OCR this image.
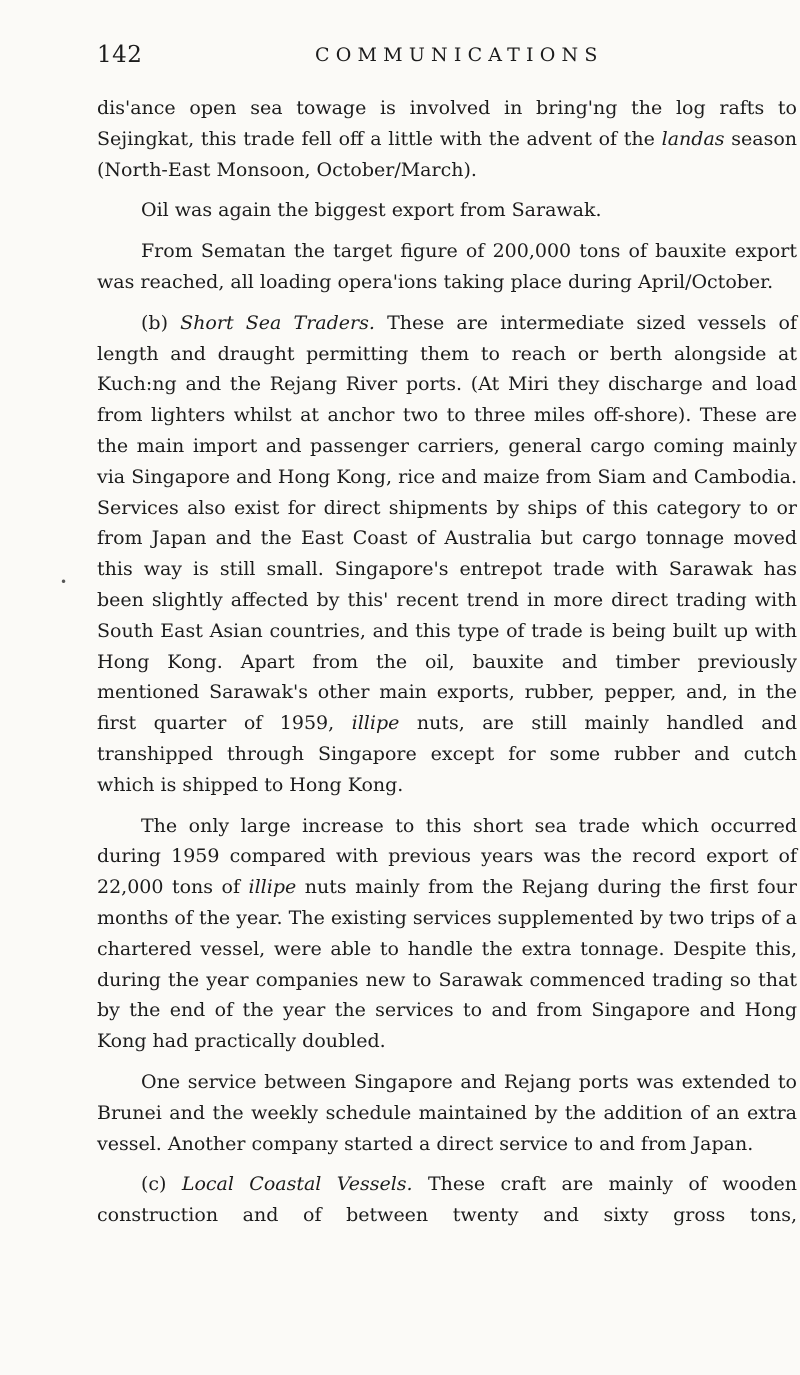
142	COMMUNICATIONS
•

dis'ance open sea towage is involved in bring'ng the log rafts to Sejingkat, this trade fell off a little with the advent of the landas season (North-East Monsoon, October/March).

Oil was again the biggest export from Sarawak.

From Sematan the target figure of 200,000 tons of bauxite export was reached, all loading opera'ions taking place during April/October.

(b) Short Sea Traders. These are intermediate sized vessels of length and draught permitting them to reach or berth alongside at Kuch:ng and the Rejang River ports. (At Miri they discharge and load from lighters whilst at anchor two to three miles off-shore). These are the main import and passenger carriers, general cargo coming mainly via Singapore and Hong Kong, rice and maize from Siam and Cambodia. Services also exist for direct shipments by ships of this category to or from Japan and the East Coast of Australia but cargo tonnage moved this way is still small. Singapore's entrepot trade with Sarawak has been slightly affected by this' recent trend in more direct trading with South East Asian countries, and this type of trade is being built up with Hong Kong. Apart from the oil, bauxite and timber previously mentioned Sarawak's other main exports, rubber, pepper, and, in the first quarter of 1959, illipe nuts, are still mainly handled and transhipped through Singapore except for some rubber and cutch which is shipped to Hong Kong.

The only large increase to this short sea trade which occurred during 1959 compared with previous years was the record export of 22,000 tons of illipe nuts mainly from the Rejang during the first four months of the year. The existing services supplemented by two trips of a chartered vessel, were able to handle the extra tonnage. Despite this, during the year companies new to Sarawak commenced trading so that by the end of the year the services to and from Singapore and Hong Kong had practically doubled.

One service between Singapore and Rejang ports was extended to Brunei and the weekly schedule maintained by the addition of an extra vessel. Another company started a direct service to and from Japan.

(c) Local Coastal Vessels. These craft are mainly of wooden construction and of between twenty and sixty gross tons,
